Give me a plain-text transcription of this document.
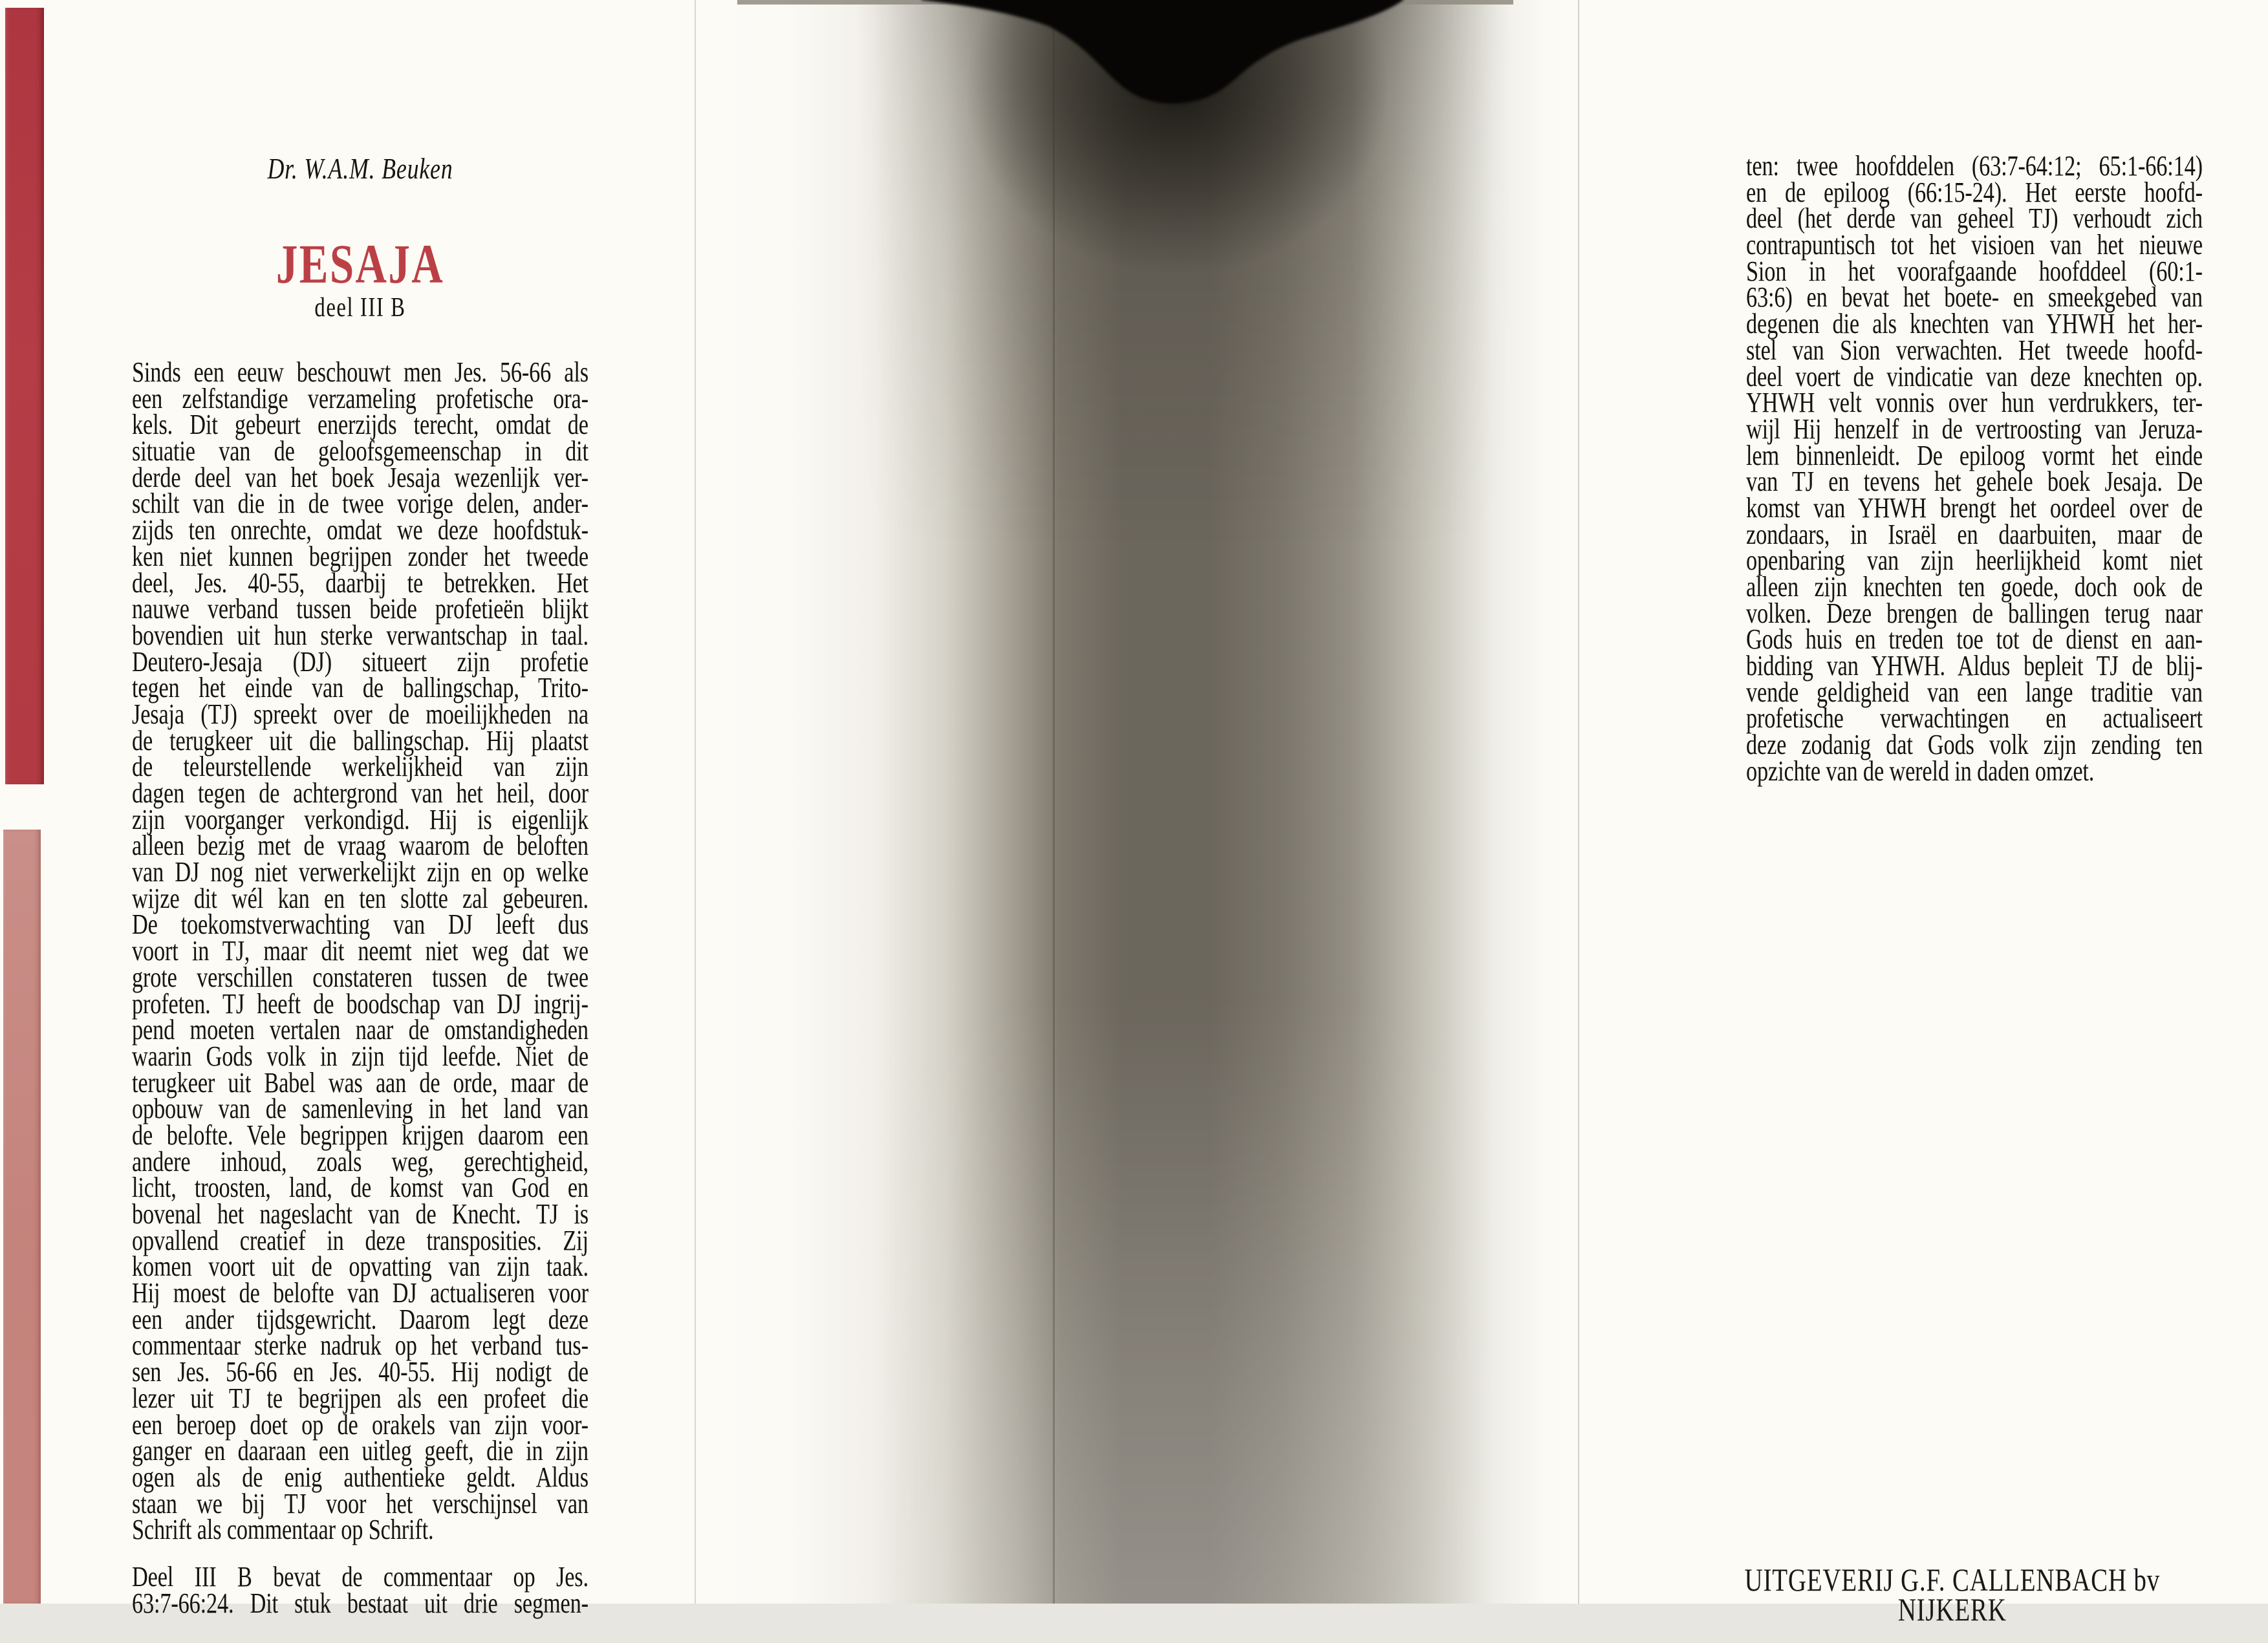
Dr. W.A.M. Beuken
JESAJA
deel III B
Sinds een eeuw beschouwt men Jes. 56-66 als
een zelfstandige verzameling profetische ora-
kels. Dit gebeurt enerzijds terecht, omdat de
situatie van de geloofsgemeenschap in dit
derde deel van het boek Jesaja wezenlijk ver-
schilt van die in de twee vorige delen, ander-
zijds ten onrechte, omdat we deze hoofdstuk-
ken niet kunnen begrijpen zonder het tweede
deel, Jes. 40-55, daarbij te betrekken. Het
nauwe verband tussen beide profetieën blijkt
bovendien uit hun sterke verwantschap in taal.
Deutero-Jesaja (DJ) situeert zijn profetie
tegen het einde van de ballingschap, Trito-
Jesaja (TJ) spreekt over de moeilijkheden na
de terugkeer uit die ballingschap. Hij plaatst
de teleurstellende werkelijkheid van zijn
dagen tegen de achtergrond van het heil, door
zijn voorganger verkondigd. Hij is eigenlijk
alleen bezig met de vraag waarom de beloften
van DJ nog niet verwerkelijkt zijn en op welke
wijze dit wél kan en ten slotte zal gebeuren.
De toekomstverwachting van DJ leeft dus
voort in TJ, maar dit neemt niet weg dat we
grote verschillen constateren tussen de twee
profeten. TJ heeft de boodschap van DJ ingrij-
pend moeten vertalen naar de omstandigheden
waarin Gods volk in zijn tijd leefde. Niet de
terugkeer uit Babel was aan de orde, maar de
opbouw van de samenleving in het land van
de belofte. Vele begrippen krijgen daarom een
andere inhoud, zoals weg, gerechtigheid,
licht, troosten, land, de komst van God en
bovenal het nageslacht van de Knecht. TJ is
opvallend creatief in deze transposities. Zij
komen voort uit de opvatting van zijn taak.
Hij moest de belofte van DJ actualiseren voor
een ander tijdsgewricht. Daarom legt deze
commentaar sterke nadruk op het verband tus-
sen Jes. 56-66 en Jes. 40-55. Hij nodigt de
lezer uit TJ te begrijpen als een profeet die
een beroep doet op de orakels van zijn voor-
ganger en daaraan een uitleg geeft, die in zijn
ogen als de enig authentieke geldt. Aldus
staan we bij TJ voor het verschijnsel van
Schrift als commentaar op Schrift.
Deel III B bevat de commentaar op Jes.
63:7-66:24. Dit stuk bestaat uit drie segmen-
ten: twee hoofddelen (63:7-64:12; 65:1-66:14)
en de epiloog (66:15-24). Het eerste hoofd-
deel (het derde van geheel TJ) verhoudt zich
contrapuntisch tot het visioen van het nieuwe
Sion in het voorafgaande hoofddeel (60:1-
63:6) en bevat het boete- en smeekgebed van
degenen die als knechten van YHWH het her-
stel van Sion verwachten. Het tweede hoofd-
deel voert de vindicatie van deze knechten op.
YHWH velt vonnis over hun verdrukkers, ter-
wijl Hij henzelf in de vertroosting van Jeruza-
lem binnenleidt. De epiloog vormt het einde
van TJ en tevens het gehele boek Jesaja. De
komst van YHWH brengt het oordeel over de
zondaars, in Israël en daarbuiten, maar de
openbaring van zijn heerlijkheid komt niet
alleen zijn knechten ten goede, doch ook de
volken. Deze brengen de ballingen terug naar
Gods huis en treden toe tot de dienst en aan-
bidding van YHWH. Aldus bepleit TJ de blij-
vende geldigheid van een lange traditie van
profetische verwachtingen en actualiseert
deze zodanig dat Gods volk zijn zending ten
opzichte van de wereld in daden omzet.
UITGEVERIJ G.F. CALLENBACH bv
NIJKERK
